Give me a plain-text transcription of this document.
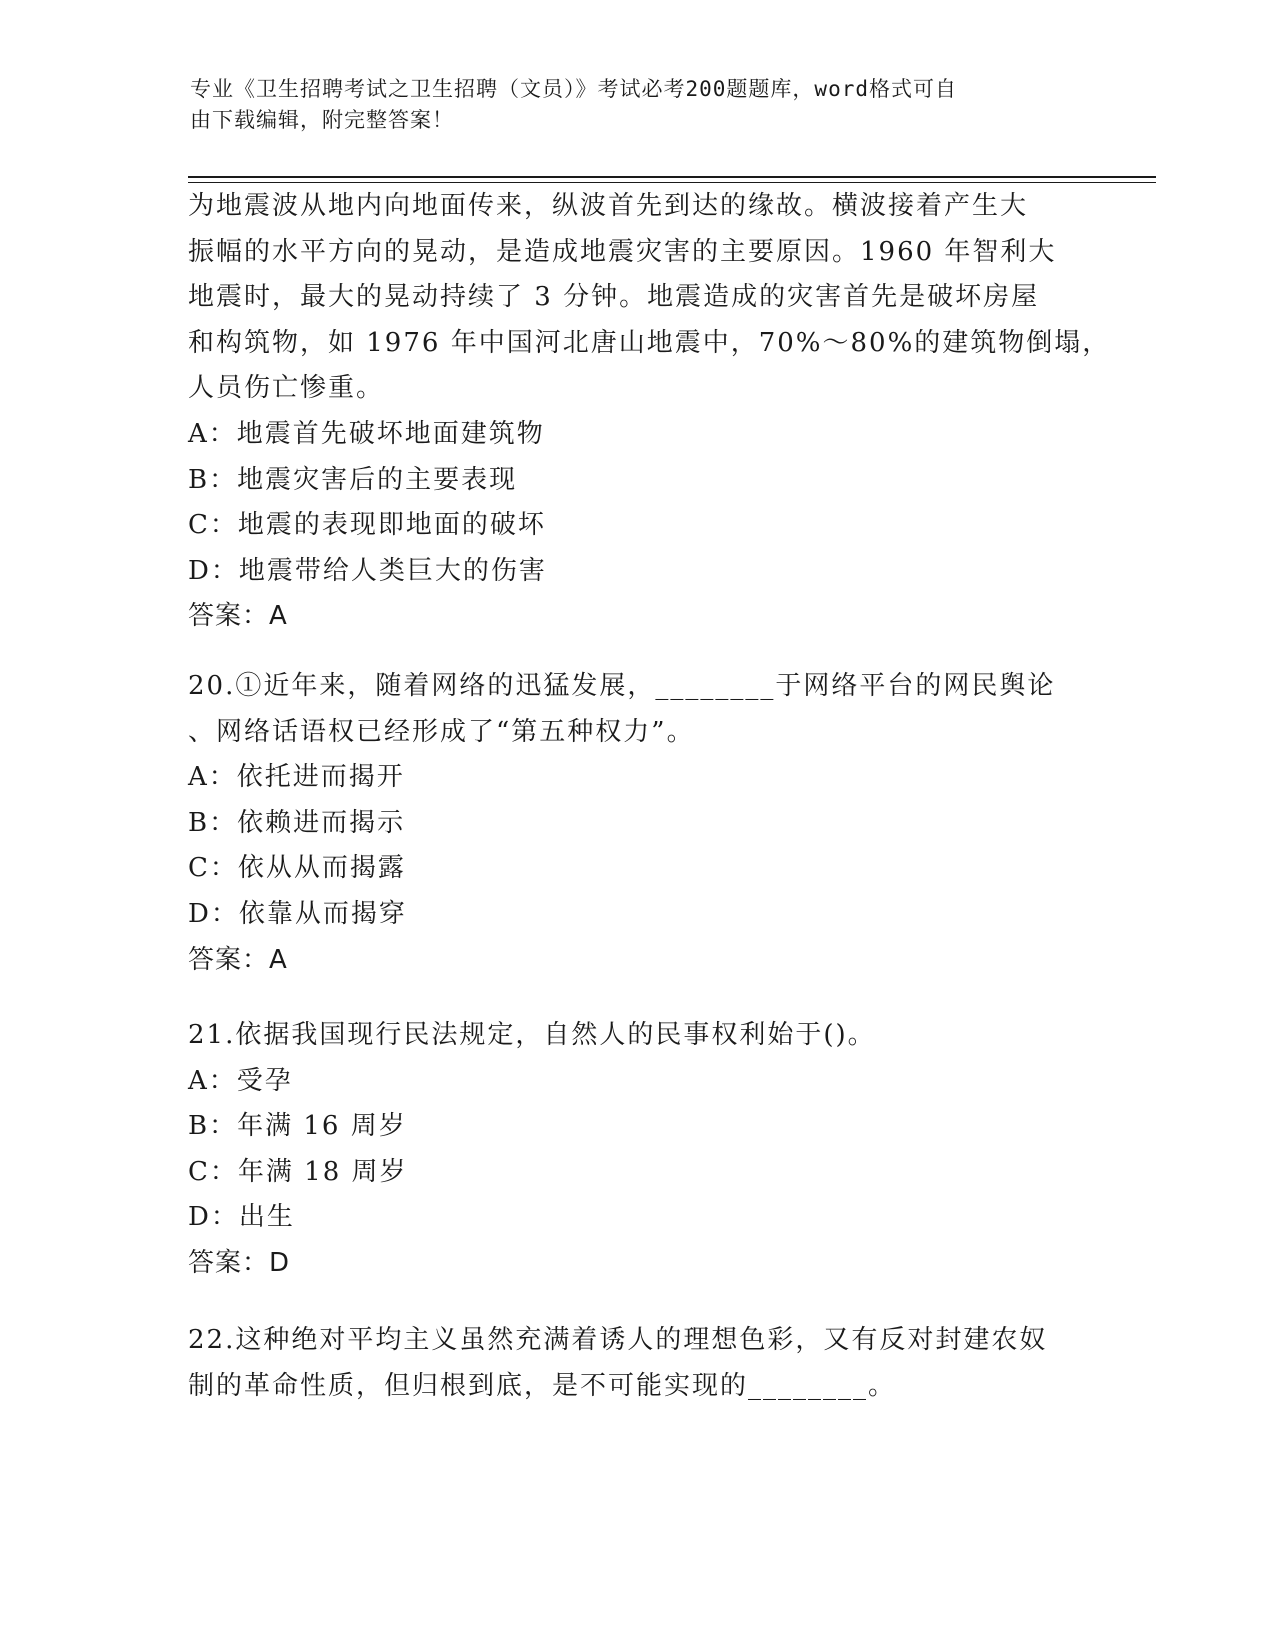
专业《卫生招聘考试之卫生招聘（文员）》考试必考200题题库，word格式可自
由下载编辑，附完整答案！
为地震波从地内向地面传来，纵波首先到达的缘故。横波接着产生大
振幅的水平方向的晃动，是造成地震灾害的主要原因。1960 年智利大
地震时，最大的晃动持续了 3 分钟。地震造成的灾害首先是破坏房屋
和构筑物，如 1976 年中国河北唐山地震中，70%～80%的建筑物倒塌，
人员伤亡惨重。
A：地震首先破坏地面建筑物
B：地震灾害后的主要表现
C：地震的表现即地面的破坏
D：地震带给人类巨大的伤害
答案：A
20.①近年来，随着网络的迅猛发展，________于网络平台的网民舆论
、网络话语权已经形成了“第五种权力”。
A：依托进而揭开
B：依赖进而揭示
C：依从从而揭露
D：依靠从而揭穿
答案：A
21.依据我国现行民法规定，自然人的民事权利始于()。
A：受孕
B：年满 16 周岁
C：年满 18 周岁
D：出生
答案：D
22.这种绝对平均主义虽然充满着诱人的理想色彩，又有反对封建农奴
制的革命性质，但归根到底，是不可能实现的________。
